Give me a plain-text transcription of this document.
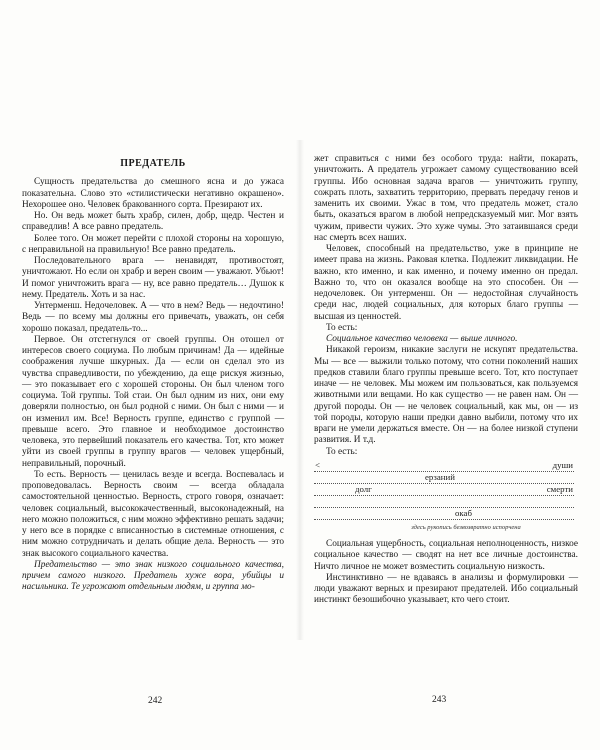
ПРЕДАТЕЛЬ

Сущность предательства до смешного ясна и до ужаса показательна. Слово это «стилистически негативно окрашено». Нехорошее оно. Человек бракованного сорта. Презирают их.

Но. Он ведь может быть храбр, силен, добр, щедр. Честен и справедлив! А все равно предатель.

Более того. Он может перейти с плохой стороны на хорошую, с неправильной на правильную! Все равно предатель.

Последовательного врага — ненавидят, противостоят, уничтожают. Но если он храбр и верен своим — уважают. Убьют! И помог уничтожить врага — ну, все равно предатель… Душок к нему. Предатель. Хоть и за нас.

Унтерменш. Недочеловек. А — что в нем? Ведь — недочтино! Ведь — по всему мы должны его привечать, уважать, он себя хорошо показал, предатель-то...

Первое. Он отстегнулся от своей группы. Он отошел от интересов своего социума. По любым причинам! Да — идейные соображения лучше шкурных. Да — если он сделал это из чувства справедливости, по убеждению, да еще рискуя жизнью, — это показывает его с хорошей стороны. Он был членом того социума. Той группы. Той стаи. Он был одним из них, они ему доверяли полностью, он был родной с ними. Он был с ними — и он изменил им. Все! Верность группе, единство с группой — превыше всего. Это главное и необходимое достоинство человека, это первейший показатель его качества. Тот, кто может уйти из своей группы в группу врагов — человек ущербный, неправильный, порочный.

То есть. Верность — ценилась везде и всегда. Воспевалась и проповедовалась. Верность своим — всегда обладала самостоятельной ценностью. Верность, строго говоря, означает: человек социальный, высококачественный, высоконадежный, на него можно положиться, с ним можно эффективно решать задачи; у него все в порядке с вписанностью в системные отношения, с ним можно сотрудничать и делать общие дела. Верность — это знак высокого социального качества.

Предательство — это знак низкого социального качества, причем самого низкого. Предатель хуже вора, убийцы и насильника. Те угрожают отдельным людям, и группа мо-

242

жет справиться с ними без особого труда: найти, покарать, уничтожить. А предатель угрожает самому существованию всей группы. Ибо основная задача врагов — уничтожить группу, сожрать плоть, захватить территорию, прервать передачу генов и заменить их своими. Ужас в том, что предатель может, стало быть, оказаться врагом в любой непредсказуемый миг. Мог взять чужим, привести чужих. Это хуже чумы. Это затаившаяся среди нас смерть всех наших.

Человек, способный на предательство, уже в принципе не имеет права на жизнь. Раковая клетка. Подлежит ликвидации. Не важно, кто именно, и как именно, и почему именно он предал. Важно то, что он оказался вообще на это способен. Он — недочеловек. Он унтерменш. Он — недостойная случайность среди нас, людей социальных, для которых благо группы — высшая из ценностей.

То есть:

Социальное качество человека — выше личного.

Никакой героизм, никакие заслуги не искупят предательства. Мы — все — выжили только потому, что сотни поколений наших предков ставили благо группы превыше всего. Тот, кто поступает иначе — не человек. Мы можем им пользоваться, как пользуемся животными или вещами. Но как существо — не равен нам. Он — другой породы. Он — не человек социальный, как мы, он — из той породы, которую наши предки давно выбили, потому что их враги не умели держаться вместе. Он — на более низкой ступени развития. И т.д.

То есть:

<	души
ерзаний
долг	смерти
окаб
здесь рукопись безвозвратно испорчена

Социальная ущербность, социальная неполноценность, низкое социальное качество — сводят на нет все личные достоинства. Ничто личное не может возместить социальную низкость.

Инстинктивно — не вдаваясь в анализы и формулировки — люди уважают верных и презирают предателей. Ибо социальный инстинкт безошибочно указывает, кто чего стоит.

243
